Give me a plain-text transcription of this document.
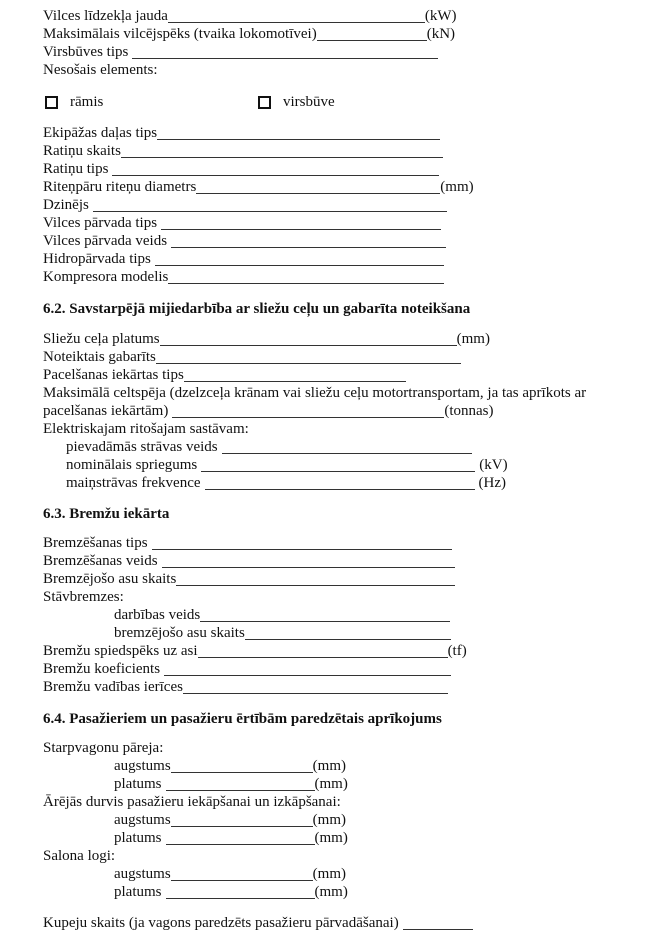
Vilces līdzekļa jauda	(kW)
Maksimālais vilcējspēks (tvaika lokomotīvei)	(kN)
Virsbūves tips
Nesošais elements:
rāmis	virsbūve
Ekipāžas daļas tips
Ratiņu skaits
Ratiņu tips
Riteņpāru riteņu diametrs	(mm)
Dzinējs
Vilces pārvada tips
Vilces pārvada veids
Hidropārvada tips
Kompresora modelis
6.2. Savstarpējā mijiedarbība ar sliežu ceļu un gabarīta noteikšana
Sliežu ceļa platums	(mm)
Noteiktais gabarīts
Pacelšanas iekārtas tips
Maksimālā celtspēja (dzelzceļa krānam vai sliežu ceļu motortransportam, ja tas aprīkots ar
pacelšanas iekārtām)	(tonnas)
Elektriskajam ritošajam sastāvam:
pievadāmās strāvas veids
nominālais spriegums	(kV)
maiņstrāvas frekvence	(Hz)
6.3. Bremžu iekārta
Bremzēšanas tips
Bremzēšanas veids
Bremzējošo asu skaits
Stāvbremzes:
darbības veids
bremzējošo asu skaits
Bremžu spiedspēks uz asi	(tf)
Bremžu koeficients
Bremžu vadības ierīces
6.4. Pasažieriem un pasažieru ērtībām paredzētais aprīkojums
Starpvagonu pāreja:
augstums	(mm)
platums	(mm)
Ārējās durvis pasažieru iekāpšanai un izkāpšanai:
augstums	(mm)
platums	(mm)
Salona logi:
augstums	(mm)
platums	(mm)
Kupeju skaits (ja vagons paredzēts pasažieru pārvadāšanai)
